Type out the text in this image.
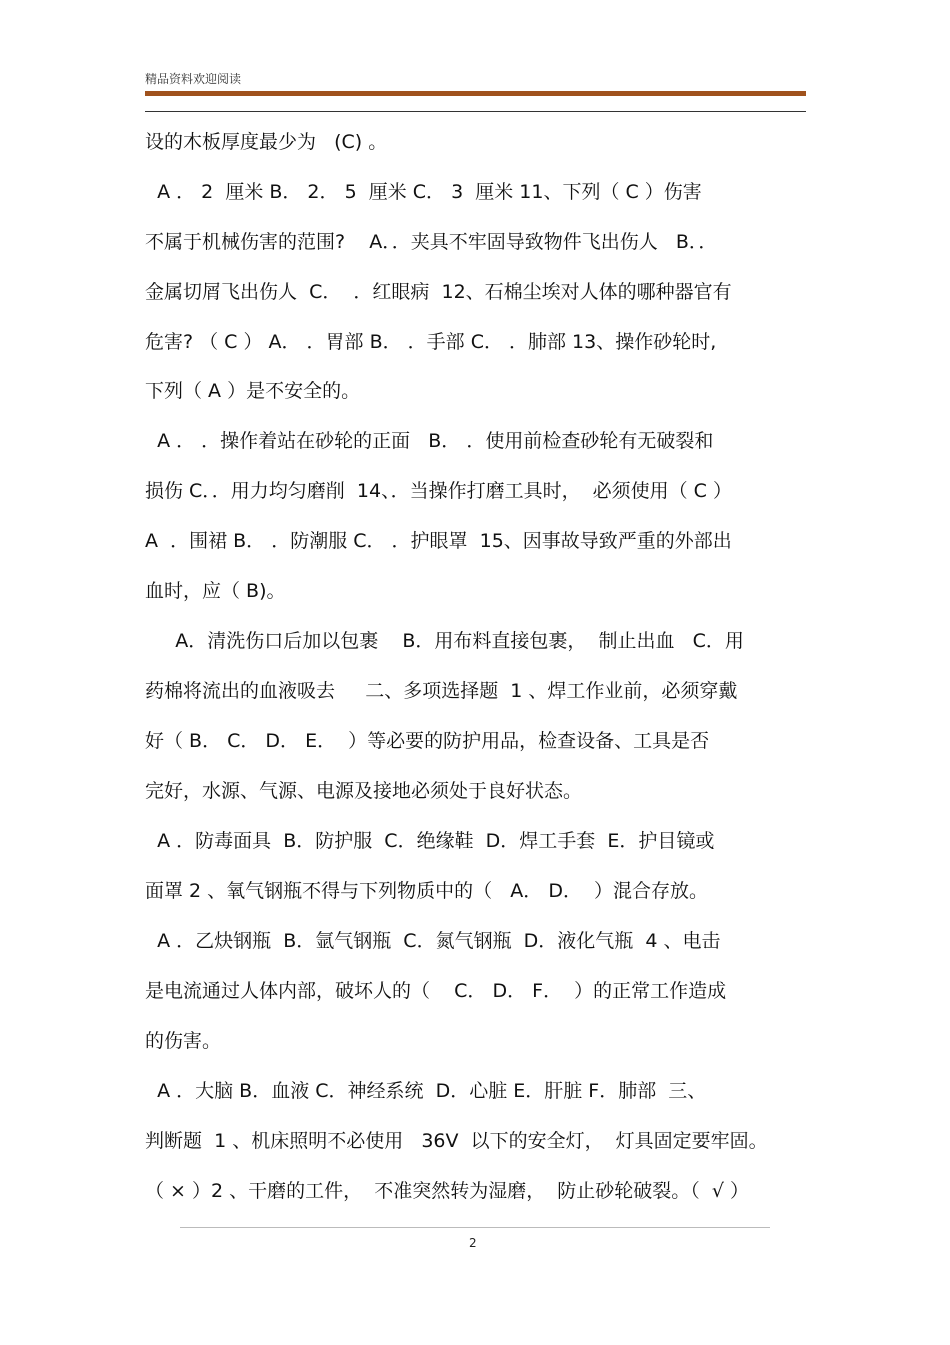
精品资料欢迎阅读
设的木板厚度最少为   (C) 。
A ． 2  厘米 B． 2． 5  厘米 C． 3  厘米 11、下列（ C ）伤害
不属于机械伤害的范围?    A．．夹具不牢固导致物件飞出伤人   B．．
金属切屑飞出伤人  C．  ．红眼病  12、石棉尘埃对人体的哪种器官有
危害? （ C ） A． ．胃部 B． ．手部 C． ．肺部 13、操作砂轮时,
下列（ A ）是不安全的。
A ． ．操作着站在砂轮的正面   B． ．使用前检查砂轮有无破裂和
损伤 C．．用力均匀磨削  14、．当操作打磨工具时，  必须使用（ C ）
A  ．围裙 B． ．防潮服 C． ．护眼罩  15、因事故导致严重的外部出
血时，应（ B)。
A．清洗伤口后加以包裹    B．用布料直接包裹，  制止出血   C．用
药棉将流出的血液吸去     二、多项选择题  1 、焊工作业前，必须穿戴
好（ B． C． D． E．  ）等必要的防护用品，检查设备、工具是否
完好，水源、气源、电源及接地必须处于良好状态。
A ．防毒面具  B．防护服  C．绝缘鞋  D．焊工手套  E．护目镜或
面罩 2 、氧气钢瓶不得与下列物质中的（   A． D．  ）混合存放。
A ．乙炔钢瓶  B．氩气钢瓶  C．氮气钢瓶  D．液化气瓶  4 、电击
是电流通过人体内部，破坏人的（    C． D． F．  ）的正常工作造成
的伤害。
A ．大脑 B．血液 C．神经系统  D．心脏 E．肝脏 F．肺部  三、
判断题  1 、机床照明不必使用   36V  以下的安全灯，  灯具固定要牢固。
（ × ）2 、干磨的工件，  不准突然转为湿磨，  防止砂轮破裂。（  √ ）
2
